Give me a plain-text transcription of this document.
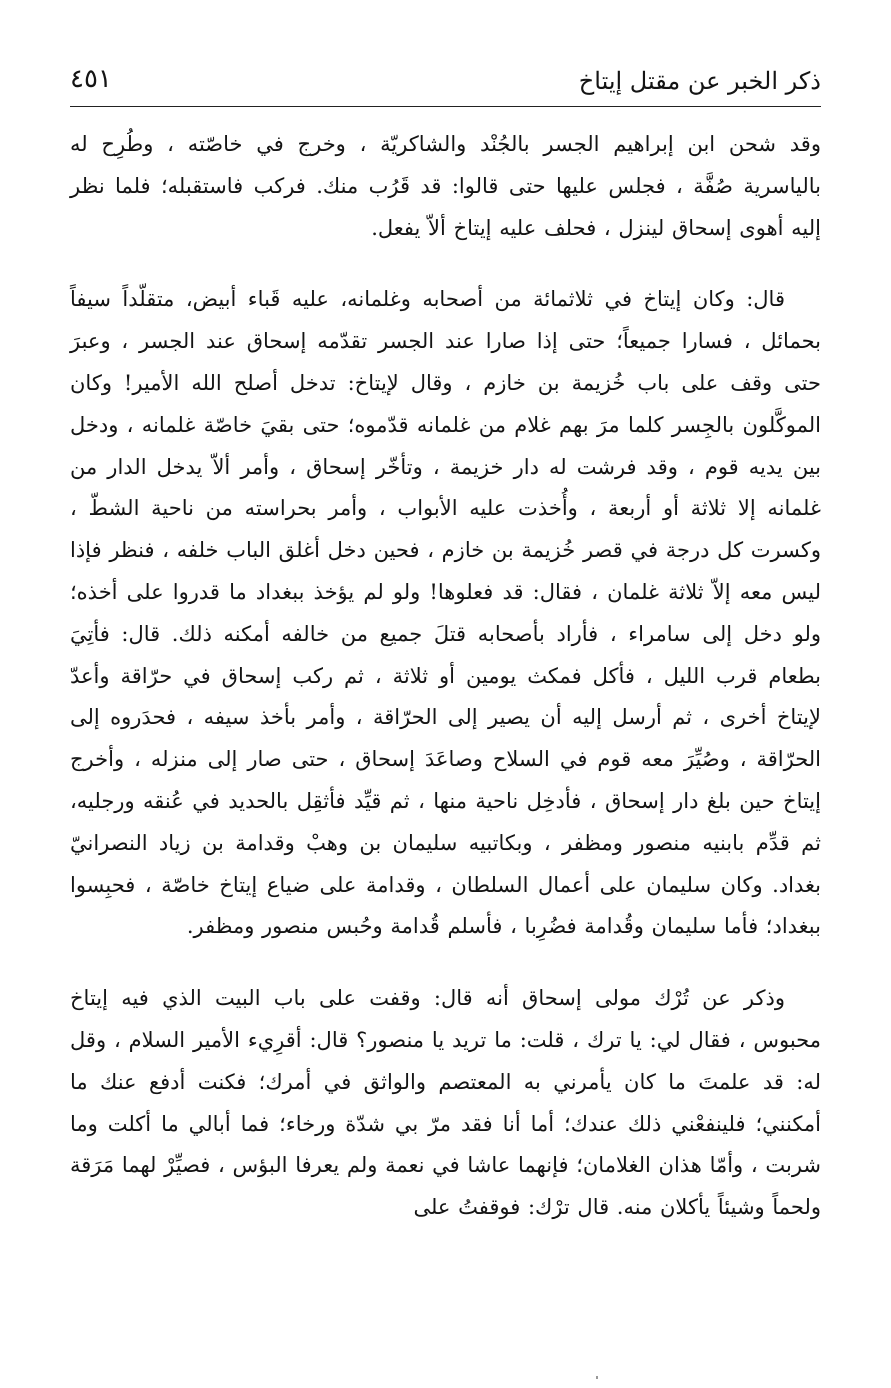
ذكر الخبر عن مقتل إيتاخ
٤٥١

وقد شحن ابن إبراهيم الجسر بالجُنْد والشاكريّة ، وخرج في خاصّته ، وطُرِح له بالياسرية صُفَّة ، فجلس عليها حتى قالوا: قد قَرُب منك. فركب فاستقبله؛ فلما نظر إليه أهوى إسحاق لينزل ، فحلف عليه إيتاخ ألاّ يفعل.

قال: وكان إيتاخ في ثلاثمائة من أصحابه وغلمانه، عليه قَباء أبيض، متقلّداً سيفاً بحمائل ، فسارا جميعاً؛ حتى إذا صارا عند الجسر تقدّمه إسحاق عند الجسر ، وعبرَ حتى وقف على باب خُزيمة بن خازم ، وقال لإيتاخ: تدخل أصلح الله الأمير! وكان الموكَّلون بالجِسر كلما مرَ بهم غلام من غلمانه قدّموه؛ حتى بقيَ خاصّة غلمانه ، ودخل بين يديه قوم ، وقد فرشت له دار خزيمة ، وتأخّر إسحاق ، وأمر ألاّ يدخل الدار من غلمانه إلا ثلاثة أو أربعة ، وأُخذت عليه الأبواب ، وأمر بحراسته من ناحية الشطّ ، وكسرت كل درجة في قصر خُزيمة بن خازم ، فحين دخل أغلق الباب خلفه ، فنظر فإذا ليس معه إلاّ ثلاثة غلمان ، فقال: قد فعلوها! ولو لم يؤخذ ببغداد ما قدروا على أخذه؛ ولو دخل إلى سامراء ، فأراد بأصحابه قتلَ جميع من خالفه أمكنه ذلك. قال: فأتِيَ بطعام قرب الليل ، فأكل فمكث يومين أو ثلاثة ، ثم ركب إسحاق في حرّاقة وأعدّ لإيتاخ أخرى ، ثم أرسل إليه أن يصير إلى الحرّاقة ، وأمر بأخذ سيفه ، فحدَروه إلى الحرّاقة ، وصُيِّرَ معه قوم في السلاح وصاعَدَ إسحاق ، حتى صار إلى منزله ، وأخرج إيتاخ حين بلغ دار إسحاق ، فأدخِل ناحية منها ، ثم قيِّد فأثقِل بالحديد في عُنقه ورجليه، ثم قدِّم بابنيه منصور ومظفر ، وبكاتبيه سليمان بن وهبْ وقدامة بن زياد النصرانيّ بغداد. وكان سليمان على أعمال السلطان ، وقدامة على ضياع إيتاخ خاصّة ، فحبِسوا ببغداد؛ فأما سليمان وقُدامة فضُرِبا ، فأسلم قُدامة وحُبس منصور ومظفر.

وذكر عن تُرْك مولى إسحاق أنه قال: وقفت على باب البيت الذي فيه إيتاخ محبوس ، فقال لي: يا ترك ، قلت: ما تريد يا منصور؟ قال: أقرِيء الأمير السلام ، وقل له: قد علمتَ ما كان يأمرني به المعتصم والواثق في أمرك؛ فكنت أدفع عنك ما أمكنني؛ فلينفعْني ذلك عندك؛ أما أنا فقد مرّ بي شدّة ورخاء؛ فما أبالي ما أكلت وما شربت ، وأمّا هذان الغلامان؛ فإنهما عاشا في نعمة ولم يعرفا البؤس ، فصيِّرْ لهما مَرَقة ولحماً وشيئاً يأكلان منه. قال ترْك: فوقفتُ على
